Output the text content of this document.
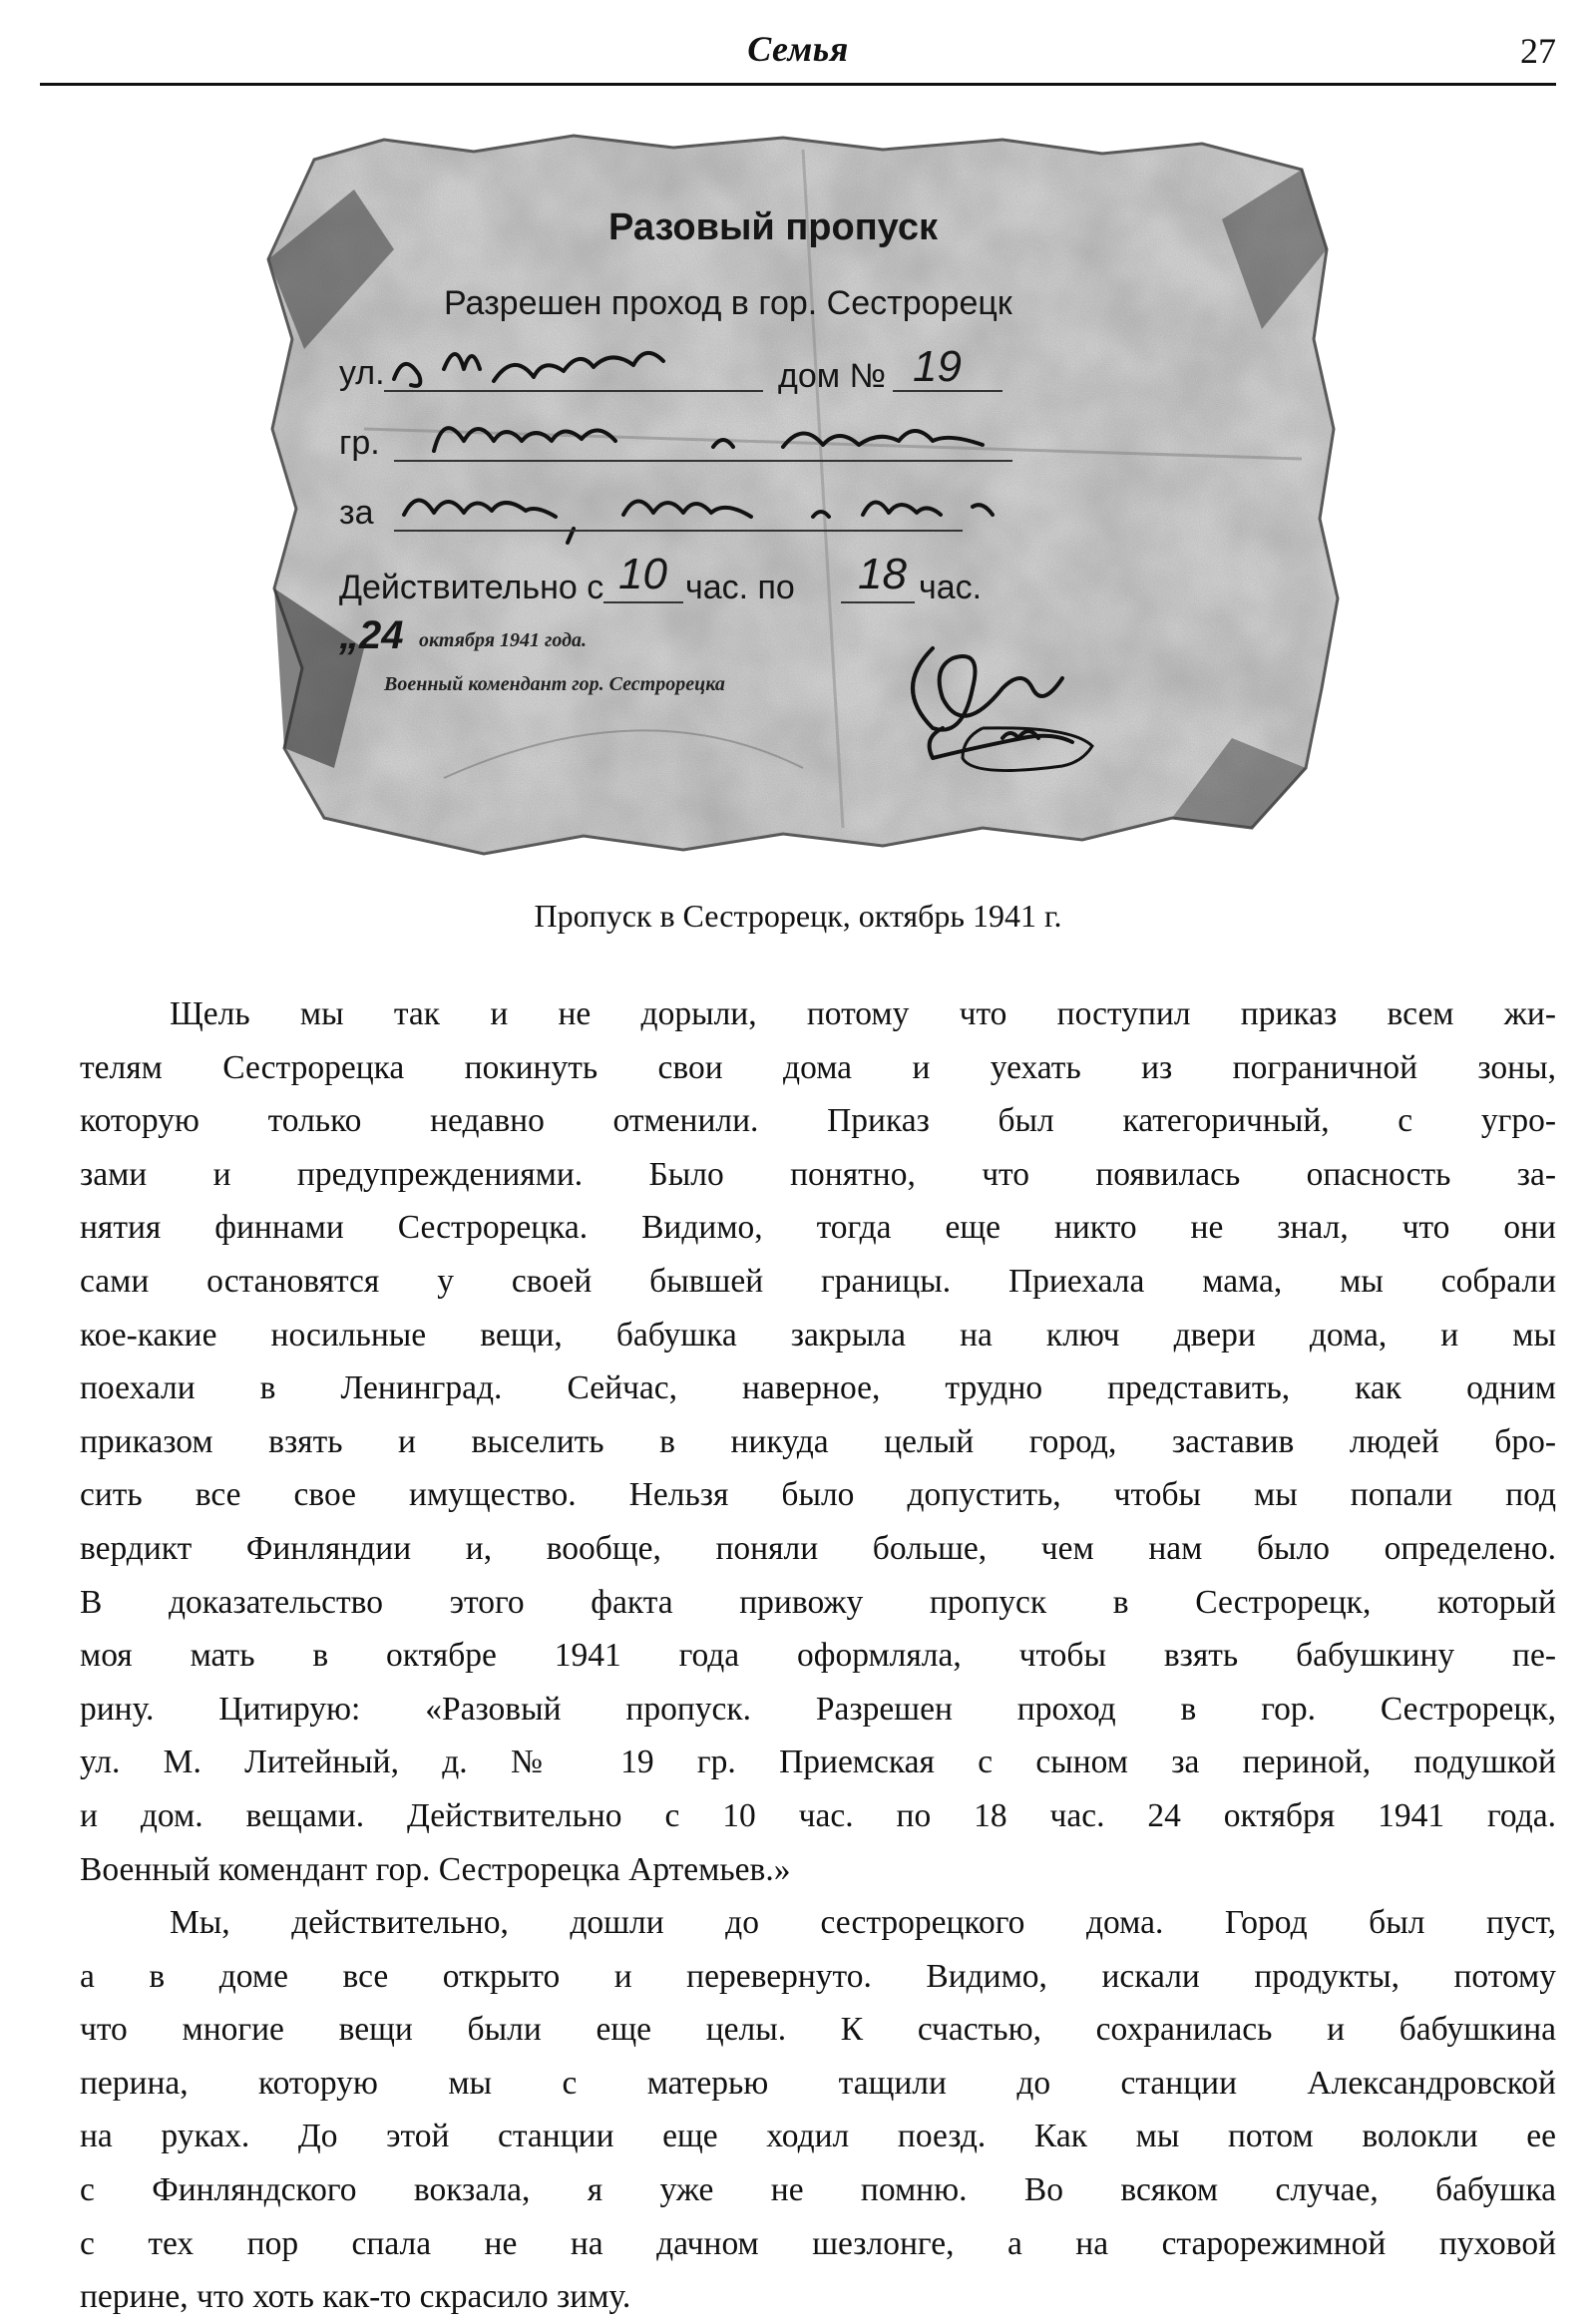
Семья	27
Разовый пропуск
Разрешен проход в гор. Сестрорецк
ул.	дом № 19
гр.
за
Действительно с 10 час. по 18 час.
„24 октября 1941 года.
Военный комендант гор. Сестрорецка
Пропуск в Сестрорецк, октябрь 1941 г.

Щель мы так и не дорыли, потому что поступил приказ всем жи-
телям Сестрорецка покинуть свои дома и уехать из пограничной зоны,
которую только недавно отменили. Приказ был категоричный, с угро-
зами и предупреждениями. Было понятно, что появилась опасность за-
нятия финнами Сестрорецка. Видимо, тогда еще никто не знал, что они
сами остановятся у своей бывшей границы. Приехала мама, мы собрали
кое-какие носильные вещи, бабушка закрыла на ключ двери дома, и мы
поехали в Ленинград. Сейчас, наверное, трудно представить, как одним
приказом взять и выселить в никуда целый город, заставив людей бро-
сить все свое имущество. Нельзя было допустить, чтобы мы попали под
вердикт Финляндии и, вообще, поняли больше, чем нам было определено.
В доказательство этого факта привожу пропуск в Сестрорецк, который
моя мать в октябре 1941 года оформляла, чтобы взять бабушкину пе-
рину. Цитирую: «Разовый пропуск. Разрешен проход в гор. Сестрорецк,
ул. М. Литейный, д. № 19 гр. Приемская с сыном за периной, подушкой
и дом. вещами. Действительно с 10 час. по 18 час. 24 октября 1941 года.
Военный комендант гор. Сестрорецка Артемьев.»

Мы, действительно, дошли до сестрорецкого дома. Город был пуст,
а в доме все открыто и перевернуто. Видимо, искали продукты, потому
что многие вещи были еще целы. К счастью, сохранилась и бабушкина
перина, которую мы с матерью тащили до станции Александровской
на руках. До этой станции еще ходил поезд. Как мы потом волокли ее
с Финляндского вокзала, я уже не помню. Во всяком случае, бабушка
с тех пор спала не на дачном шезлонге, а на старорежимной пуховой
перине, что хоть как-то скрасило зиму.
